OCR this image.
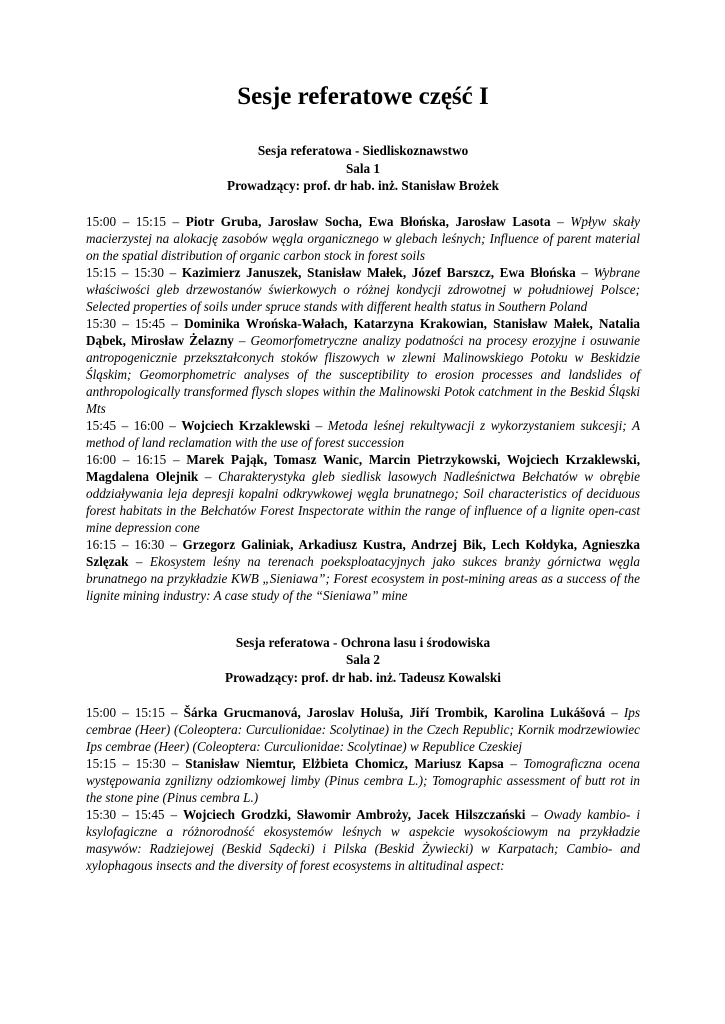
Sesje referatowe część I
Sesja referatowa - Siedliskoznawstwo
Sala 1
Prowadzący: prof. dr hab. inż. Stanisław Brożek
15:00 – 15:15 – Piotr Gruba, Jarosław Socha, Ewa Błońska, Jarosław Lasota – Wpływ skały macierzystej na alokację zasobów węgla organicznego w glebach leśnych; Influence of parent material on the spatial distribution of organic carbon stock in forest soils
15:15 – 15:30 – Kazimierz Januszek, Stanisław Małek, Józef Barszcz, Ewa Błońska – Wybrane właściwości gleb drzewostanów świerkowych o różnej kondycji zdrowotnej w południowej Polsce; Selected properties of soils under spruce stands with different health status in Southern Poland
15:30 – 15:45 – Dominika Wrońska-Wałach, Katarzyna Krakowian, Stanisław Małek, Natalia Dąbek, Mirosław Żelazny – Geomorfometryczne analizy podatności na procesy erozyjne i osuwanie antropogenicznie przekształconych stoków fliszowych w zlewni Malinowskiego Potoku w Beskidzie Śląskim; Geomorphometric analyses of the susceptibility to erosion processes and landslides of anthropologically transformed flysch slopes within the Malinowski Potok catchment in the Beskid Śląski Mts
15:45 – 16:00 – Wojciech Krzaklewski – Metoda leśnej rekultywacji z wykorzystaniem sukcesji; A method of land reclamation with the use of forest succession
16:00 – 16:15 – Marek Pająk, Tomasz Wanic, Marcin Pietrzykowski, Wojciech Krzaklewski, Magdalena Olejnik – Charakterystyka gleb siedlisk lasowych Nadleśnictwa Bełchatów w obrębie oddziaływania leja depresji kopalni odkrywkowej węgla brunatnego; Soil characteristics of deciduous forest habitats in the Bełchatów Forest Inspectorate within the range of influence of a lignite open-cast mine depression cone
16:15 – 16:30 – Grzegorz Galiniak, Arkadiusz Kustra, Andrzej Bik, Lech Kołdyka, Agnieszka Szlęzak – Ekosystem leśny na terenach poeksploatacyjnych jako sukces branży górnictwa węgla brunatnego na przykładzie KWB „Sieniawa”; Forest ecosystem in post-mining areas as a success of the lignite mining industry: A case study of the “Sieniawa” mine
Sesja referatowa - Ochrona lasu i środowiska
Sala 2
Prowadzący: prof. dr hab. inż. Tadeusz Kowalski
15:00 – 15:15 – Šárka Grucmanová, Jaroslav Holuša, Jiří Trombik, Karolina Lukášová – Ips cembrae (Heer) (Coleoptera: Curculionidae: Scolytinae) in the Czech Republic; Kornik modrzewiowiec Ips cembrae (Heer) (Coleoptera: Curculionidae: Scolytinae) w Republice Czeskiej
15:15 – 15:30 – Stanisław Niemtur, Elżbieta Chomicz, Mariusz Kapsa – Tomograficzna ocena występowania zgnilizny odziomkowej limby (Pinus cembra L.); Tomographic assessment of butt rot in the stone pine (Pinus cembra L.)
15:30 – 15:45 – Wojciech Grodzki, Sławomir Ambroży, Jacek Hilszczański – Owady kambio- i ksylofagiczne a różnorodność ekosystemów leśnych w aspekcie wysokościowym na przykładzie masywów: Radziejowej (Beskid Sądecki) i Pilska (Beskid Żywiecki) w Karpatach; Cambio- and xylophagous insects and the diversity of forest ecosystems in altitudinal aspect:
